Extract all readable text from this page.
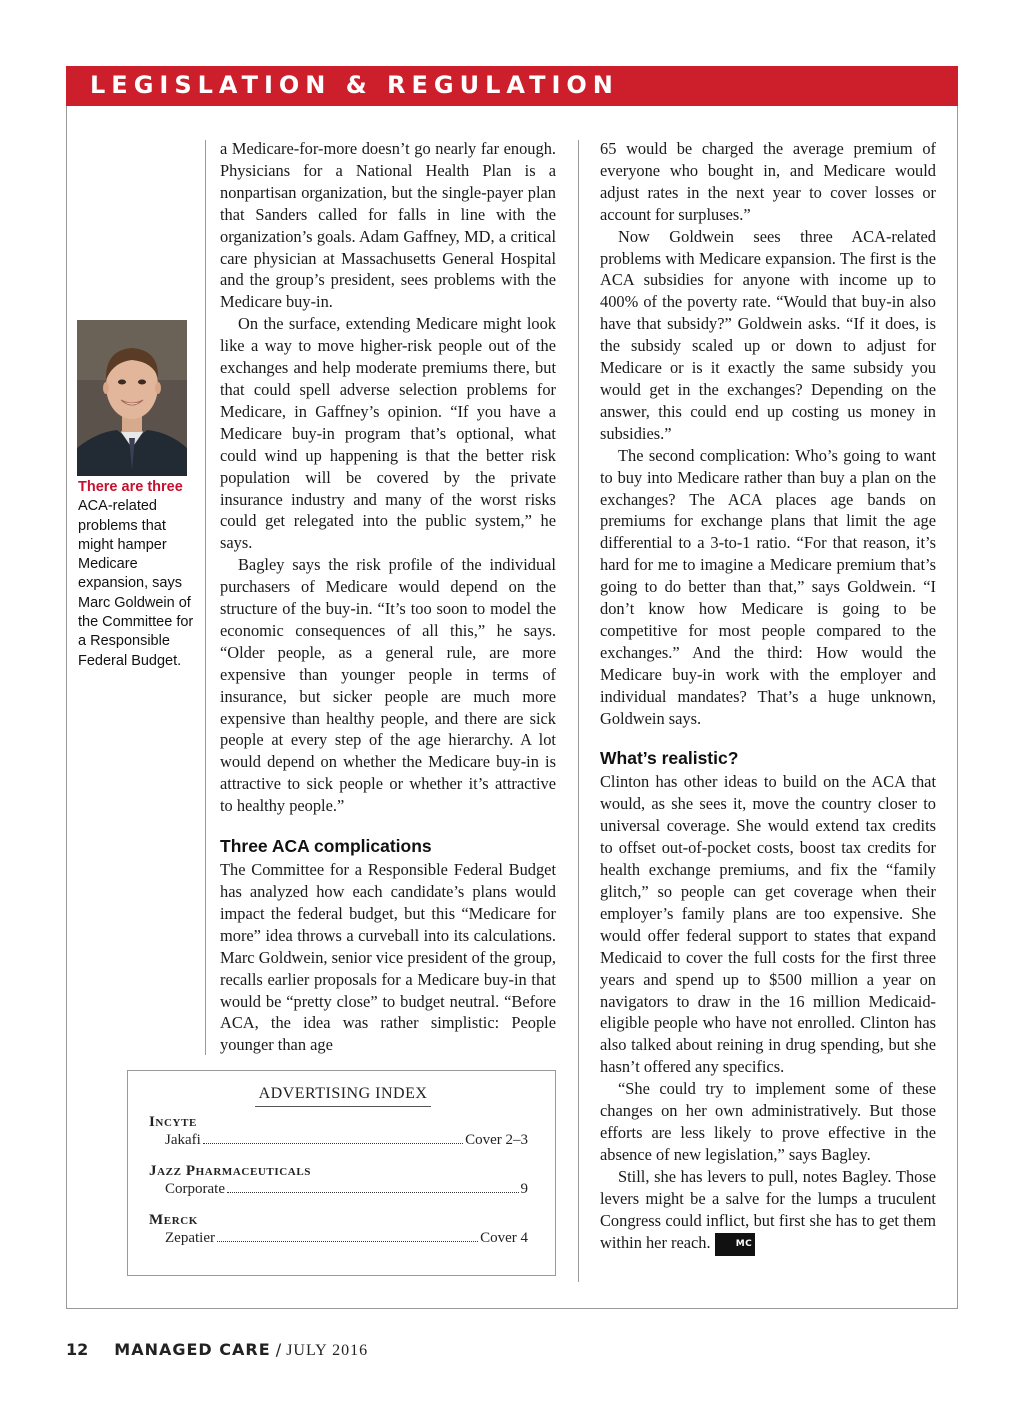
LEGISLATION & REGULATION
There are three ACA-related problems that might hamper Medicare expansion, says Marc Goldwein of the Committee for a Responsible Federal Budget.

a Medicare-for-more doesn’t go nearly far enough. Physicians for a National Health Plan is a nonpartisan organization, but the single-payer plan that Sanders called for falls in line with the organization’s goals. Adam Gaffney, MD, a critical care physician at Massachusetts General Hospital and the group’s president, sees problems with the Medicare buy-in.

On the surface, extending Medicare might look like a way to move higher-risk people out of the exchanges and help moderate premiums there, but that could spell adverse selection problems for Medicare, in Gaffney’s opinion. “If you have a Medicare buy-in program that’s optional, what could wind up happening is that the better risk population will be covered by the private insurance industry and many of the worst risks could get relegated into the public system,” he says.

Bagley says the risk profile of the individual purchasers of Medicare would depend on the structure of the buy-in. “It’s too soon to model the economic consequences of all this,” he says. “Older people, as a general rule, are more expensive than younger people in terms of insurance, but sicker people are much more expensive than healthy people, and there are sick people at every step of the age hierarchy. A lot would depend on whether the Medicare buy-in is attractive to sick people or whether it’s attractive to healthy people.”

Three ACA complications

The Committee for a Responsible Federal Budget has analyzed how each candidate’s plans would impact the federal budget, but this “Medicare for more” idea throws a curveball into its calculations. Marc Goldwein, senior vice president of the group, recalls earlier proposals for a Medicare buy-in that would be “pretty close” to budget neutral. “Before ACA, the idea was rather simplistic: People younger than age

65 would be charged the average premium of everyone who bought in, and Medicare would adjust rates in the next year to cover losses or account for surpluses.”

Now Goldwein sees three ACA-related problems with Medicare expansion. The first is the ACA subsidies for anyone with income up to 400% of the poverty rate. “Would that buy-in also have that subsidy?” Goldwein asks. “If it does, is the subsidy scaled up or down to adjust for Medicare or is it exactly the same subsidy you would get in the exchanges? Depending on the answer, this could end up costing us money in subsidies.”

The second complication: Who’s going to want to buy into Medicare rather than buy a plan on the exchanges? The ACA places age bands on premiums for exchange plans that limit the age differential to a 3-to-1 ratio. “For that reason, it’s hard for me to imagine a Medicare premium that’s going to do better than that,” says Goldwein. “I don’t know how Medicare is going to be competitive for most people compared to the exchanges.” And the third: How would the Medicare buy-in work with the employer and individual mandates? That’s a huge unknown, Goldwein says.

What’s realistic?

Clinton has other ideas to build on the ACA that would, as she sees it, move the country closer to universal coverage. She would extend tax credits to offset out-of-pocket costs, boost tax credits for health exchange premiums, and fix the “family glitch,” so people can get coverage when their employer’s family plans are too expensive. She would offer federal support to states that expand Medicaid to cover the full costs for the first three years and spend up to $500 million a year on navigators to draw in the 16 million Medicaid-eligible people who have not enrolled. Clinton has also talked about reining in drug spending, but she hasn’t offered any specifics.

“She could try to implement some of these changes on her own administratively. But those efforts are less likely to prove effective in the absence of new legislation,” says Bagley.

Still, she has levers to pull, notes Bagley. Those levers might be a salve for the lumps a truculent Congress could inflict, but first she has to get them within her reach.	MC

ADVERTISING INDEX
Incyte
Jakafi	Cover 2–3
Jazz Pharmaceuticals
Corporate	9
Merck
Zepatier	Cover 4
12 MANAGED CARE / JULY 2016
